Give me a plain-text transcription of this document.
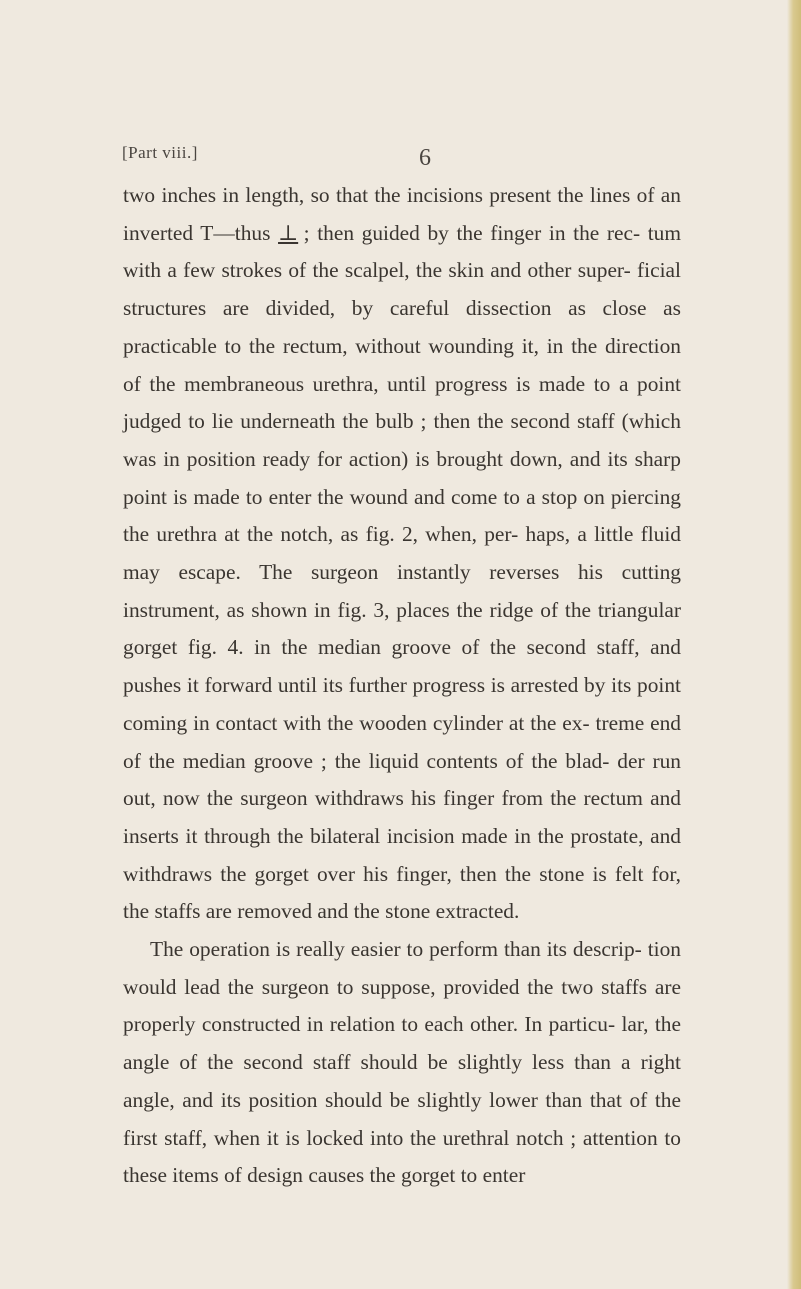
[Part viii.]	6

two inches in length, so that the incisions present the lines of an inverted T—thus ⊥ ; then guided by the finger in the rec- tum with a few strokes of the scalpel, the skin and other super- ficial structures are divided, by careful dissection as close as practicable to the rectum, without wounding it, in the direction of the membraneous urethra, until progress is made to a point judged to lie underneath the bulb ; then the second staff (which was in position ready for action) is brought down, and its sharp point is made to enter the wound and come to a stop on piercing the urethra at the notch, as fig. 2, when, per- haps, a little fluid may escape. The surgeon instantly reverses his cutting instrument, as shown in fig. 3, places the ridge of the triangular gorget fig. 4. in the median groove of the second staff, and pushes it forward until its further progress is arrested by its point coming in contact with the wooden cylinder at the ex- treme end of the median groove ; the liquid contents of the blad- der run out, now the surgeon withdraws his finger from the rectum and inserts it through the bilateral incision made in the prostate, and withdraws the gorget over his finger, then the stone is felt for, the staffs are removed and the stone extracted.

The operation is really easier to perform than its descrip- tion would lead the surgeon to suppose, provided the two staffs are properly constructed in relation to each other. In particu- lar, the angle of the second staff should be slightly less than a right angle, and its position should be slightly lower than that of the first staff, when it is locked into the urethral notch ; attention to these items of design causes the gorget to enter
